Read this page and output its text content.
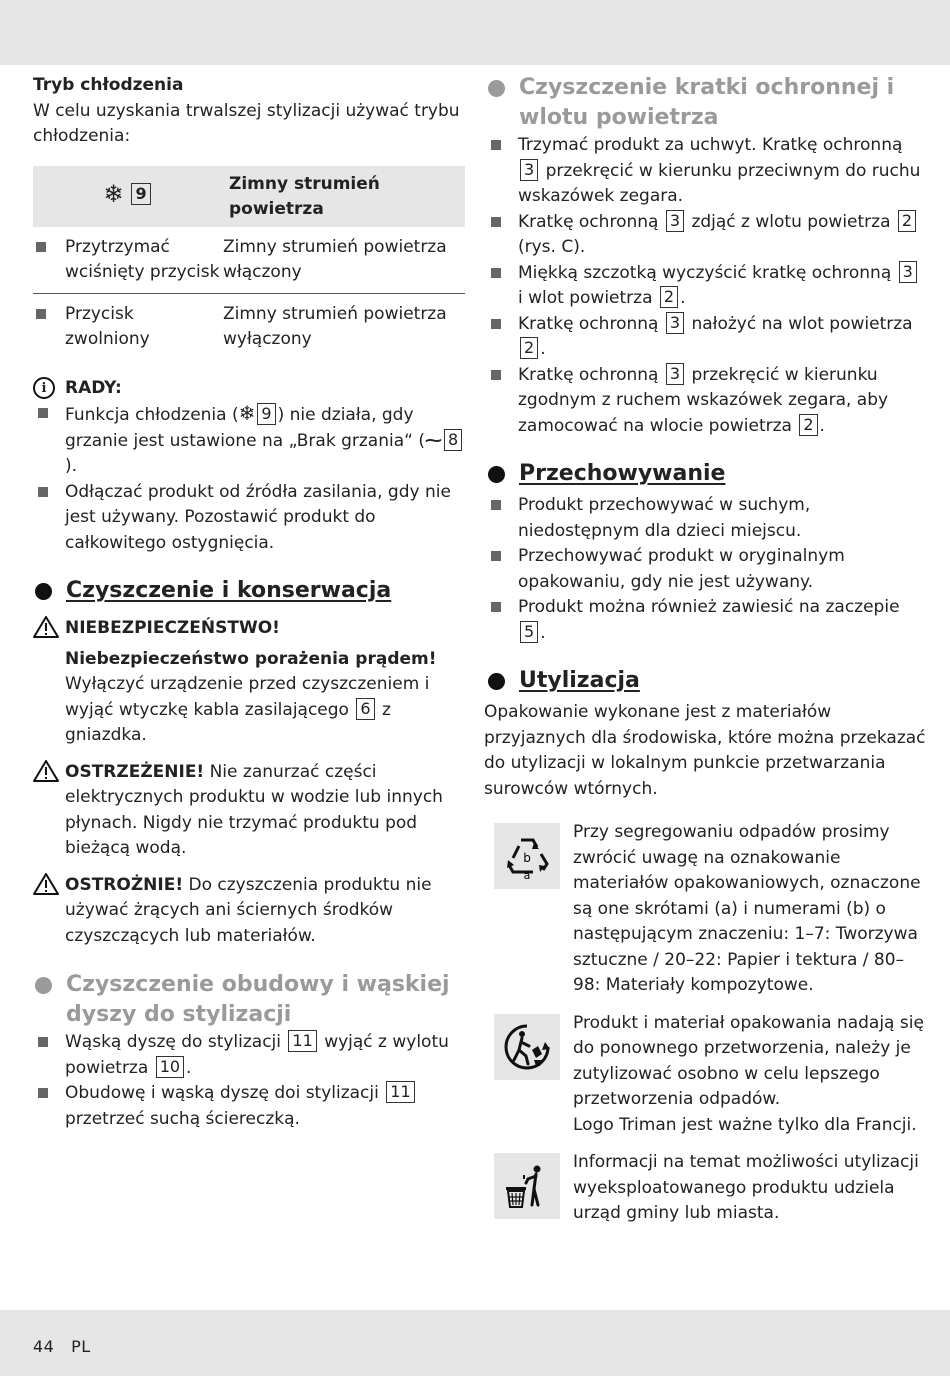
Tryb chłodzenia

W celu uzyskania trwalszej stylizacji używać trybu chłodzenia:

❄ 9	Zimny strumień powietrza

Przytrzymać wciśnięty przycisk	Zimny strumień powietrza włączony

Przycisk zwolniony	Zimny strumień powietrza wyłączony
i	RADY:
Funkcja chłodzenia (❄ 9 ) nie działa, gdy grzanie jest ustawione na „Brak grzania“ (⁓ 8).
Odłączać produkt od źródła zasilania, gdy nie jest używany. Pozostawić produkt do całkowitego ostygnięcia.
Czyszczenie i konserwacja

NIEBEZPIECZEŃSTWO!

Niebezpieczeństwo porażenia prądem!

Wyłączyć urządzenie przed czyszczeniem i wyjąć wtyczkę kabla zasilającego 6 z gniazdka.

OSTRZEŻENIE! Nie zanurzać części elektrycznych produktu w wodzie lub innych płynach. Nigdy nie trzymać produktu pod bieżącą wodą.

OSTROŻNIE! Do czyszczenia produktu nie używać żrących ani ściernych środków czyszczących lub materiałów.

Czyszczenie obudowy i wąskiej dyszy do stylizacji
Wąską dyszę do stylizacji 11 wyjąć z wylotu powietrza 10 .
Obudowę i wąską dyszę doi stylizacji 11 przetrzeć suchą ściereczką.
Czyszczenie kratki ochronnej i wlotu powietrza
Trzymać produkt za uchwyt. Kratkę ochronną 3 przekręcić w kierunku przeciwnym do ruchu wskazówek zegara.
Kratkę ochronną 3 zdjąć z wlotu powietrza 2 (rys. C).
Miękką szczotką wyczyścić kratkę ochronną 3 i wlot powietrza 2 .
Kratkę ochronną 3 nałożyć na wlot powietrza 2 .
Kratkę ochronną 3 przekręcić w kierunku zgodnym z ruchem wskazówek zegara, aby zamocować na wlocie powietrza 2 .
Przechowywanie
Produkt przechowywać w suchym, niedostępnym dla dzieci miejscu.
Przechowywać produkt w oryginalnym opakowaniu, gdy nie jest używany.
Produkt można również zawiesić na zaczepie 5 .
Utylizacja

Opakowanie wykonane jest z materiałów przyjaznych dla środowiska, które można przekazać do utylizacji w lokalnym punkcie przetwarzania surowców wtórnych.

b
a

Przy segregowaniu odpadów prosimy zwrócić uwagę na oznakowanie materiałów opakowaniowych, oznaczone są one skrótami (a) i numerami (b) o następującym znaczeniu: 1–7: Tworzywa sztuczne / 20–22: Papier i tektura / 80–98: Materiały kompozytowe.

Produkt i materiał opakowania nadają się do ponownego przetworzenia, należy je zutylizować osobno w celu lepszego przetworzenia odpadów.

Logo Triman jest ważne tylko dla Francji.

Informacji na temat możliwości utylizacji wyeksploatowanego produktu udziela urząd gminy lub miasta.

44 PL
